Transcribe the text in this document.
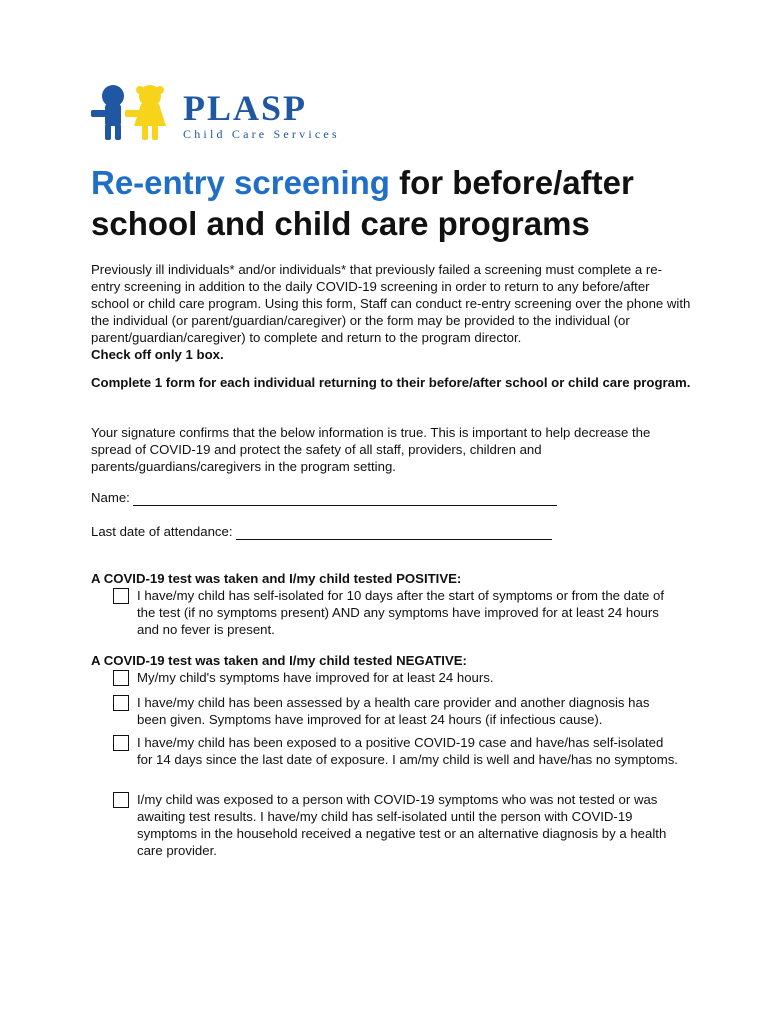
PLASP
Child Care Services
Re-entry screening for before/after school and child care programs
Previously ill individuals* and/or individuals* that previously failed a screening must complete a re-entry screening in addition to the daily COVID-19 screening in order to return to any before/after school or child care program. Using this form, Staff can conduct re-entry screening over the phone with the individual (or parent/guardian/caregiver) or the form may be provided to the individual (or parent/guardian/caregiver) to complete and return to the program director.
Check off only 1 box.
Complete 1 form for each individual returning to their before/after school or child care program.
Your signature confirms that the below information is true. This is important to help decrease the spread of COVID-19 and protect the safety of all staff, providers, children and parents/guardians/caregivers in the program setting.
Name:
Last date of attendance:
A COVID-19 test was taken and I/my child tested POSITIVE:
I have/my child has self-isolated for 10 days after the start of symptoms or from the date of the test (if no symptoms present) AND any symptoms have improved for at least 24 hours and no fever is present.
A COVID-19 test was taken and I/my child tested NEGATIVE:
My/my child's symptoms have improved for at least 24 hours.
I have/my child has been assessed by a health care provider and another diagnosis has been given. Symptoms have improved for at least 24 hours (if infectious cause).
I have/my child has been exposed to a positive COVID-19 case and have/has self-isolated for 14 days since the last date of exposure. I am/my child is well and have/has no symptoms.
I/my child was exposed to a person with COVID-19 symptoms who was not tested or was awaiting test results. I have/my child has self-isolated until the person with COVID-19 symptoms in the household received a negative test or an alternative diagnosis by a health care provider.
